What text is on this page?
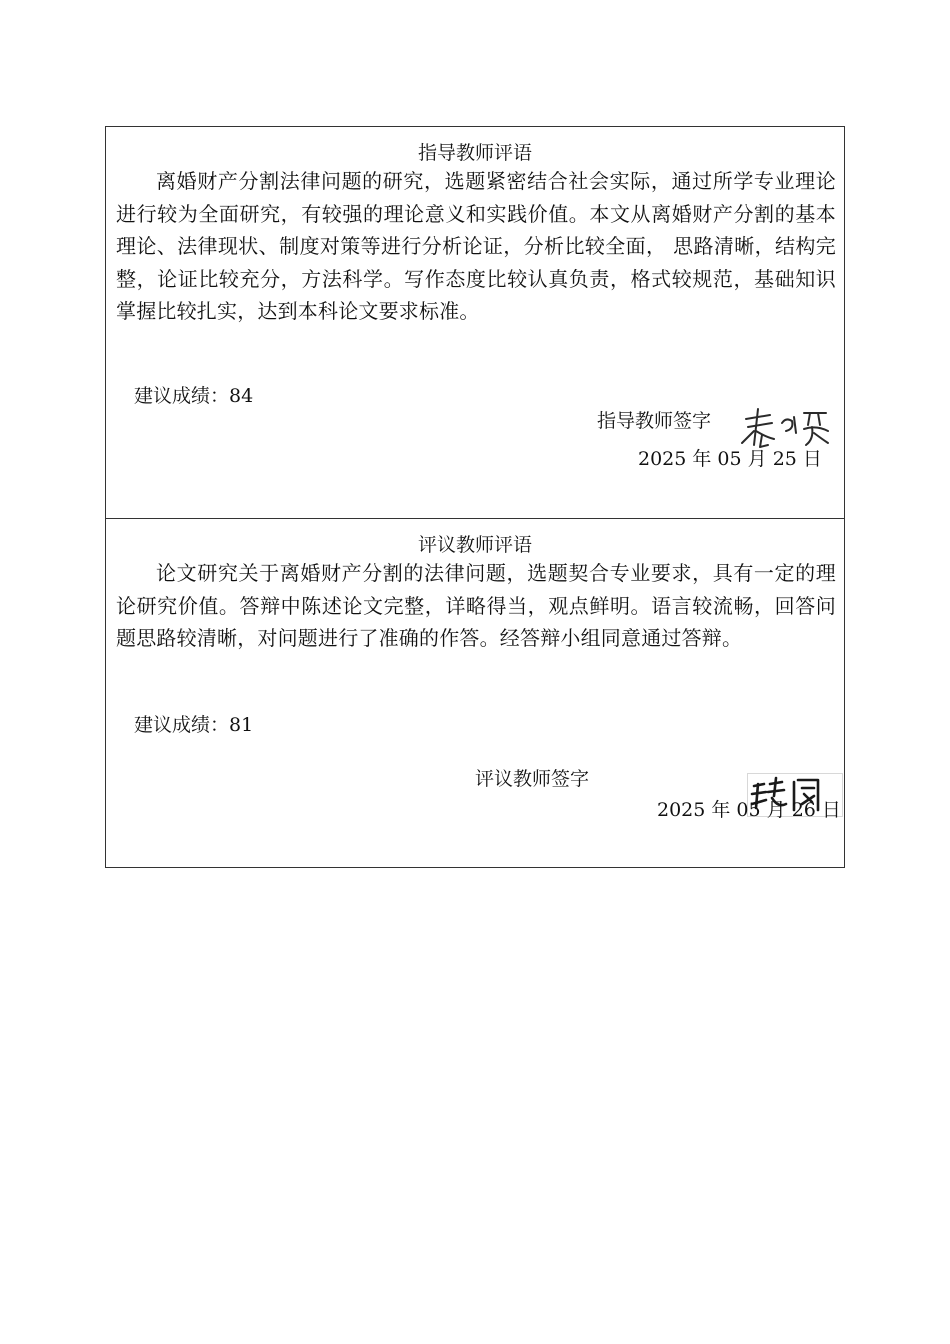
指导教师评语
离婚财产分割法律问题的研究，选题紧密结合社会实际，通过所学专业理论进行较为全面研究，有较强的理论意义和实践价值。本文从离婚财产分割的基本理论、法律现状、制度对策等进行分析论证，分析比较全面， 思路清晰，结构完整，论证比较充分，方法科学。写作态度比较认真负责，格式较规范，基础知识掌握比较扎实，达到本科论文要求标准。
建议成绩：84
指导教师签字
2025 年 05 月 25 日
评议教师评语
论文研究关于离婚财产分割的法律问题，选题契合专业要求，具有一定的理论研究价值。答辩中陈述论文完整，详略得当，观点鲜明。语言较流畅，回答问题思路较清晰，对问题进行了准确的作答。经答辩小组同意通过答辩。
建议成绩：81
评议教师签字
2025 年 05 月 26 日
